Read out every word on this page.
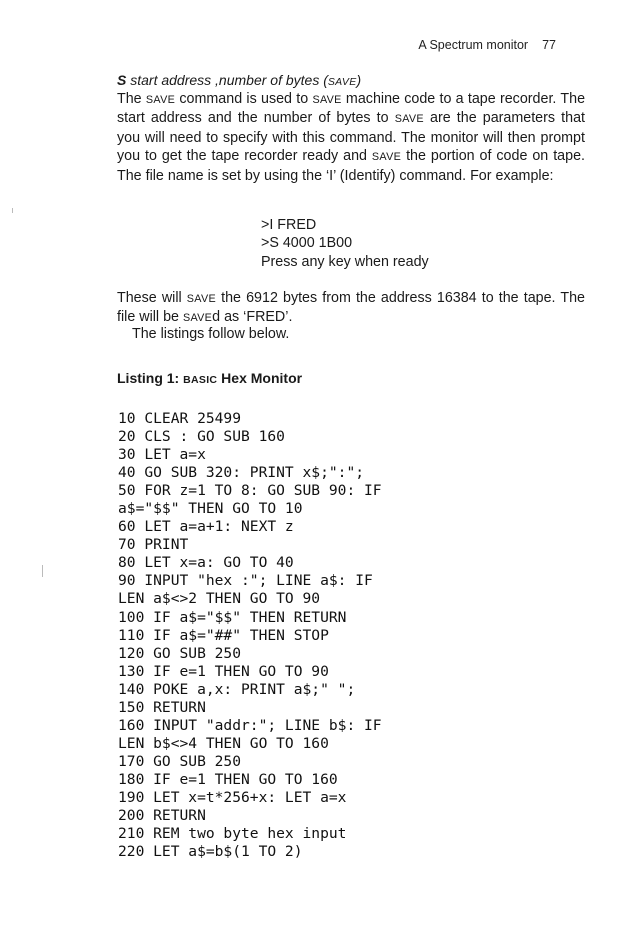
A Spectrum monitor 77
S start address ,number of bytes (SAVE)

The SAVE command is used to SAVE machine code to a tape recorder. The start address and the number of bytes to SAVE are the parameters that you will need to specify with this command. The monitor will then prompt you to get the tape recorder ready and SAVE the portion of code on tape. The file name is set by using the ‘I’ (Identify) command. For example:

>I FRED
>S 4000 1B00
Press any key when ready

These will SAVE the 6912 bytes from the address 16384 to the tape. The file will be SAVEd as ‘FRED’.

The listings follow below.

Listing 1: BASIC Hex Monitor
10 CLEAR 25499
20 CLS : GO SUB 160
30 LET a=x
40 GO SUB 320: PRINT x$;":";
50 FOR z=1 TO 8: GO SUB 90: IF
a$="$$" THEN GO TO 10
60 LET a=a+1: NEXT z
70 PRINT
80 LET x=a: GO TO 40
90 INPUT "hex :"; LINE a$: IF
LEN a$<>2 THEN GO TO 90
100 IF a$="$$" THEN RETURN
110 IF a$="##" THEN STOP
120 GO SUB 250
130 IF e=1 THEN GO TO 90
140 POKE a,x: PRINT a$;" ";
150 RETURN
160 INPUT "addr:"; LINE b$: IF
LEN b$<>4 THEN GO TO 160
170 GO SUB 250
180 IF e=1 THEN GO TO 160
190 LET x=t*256+x: LET a=x
200 RETURN
210 REM two byte hex input
220 LET a$=b$(1 TO 2)
